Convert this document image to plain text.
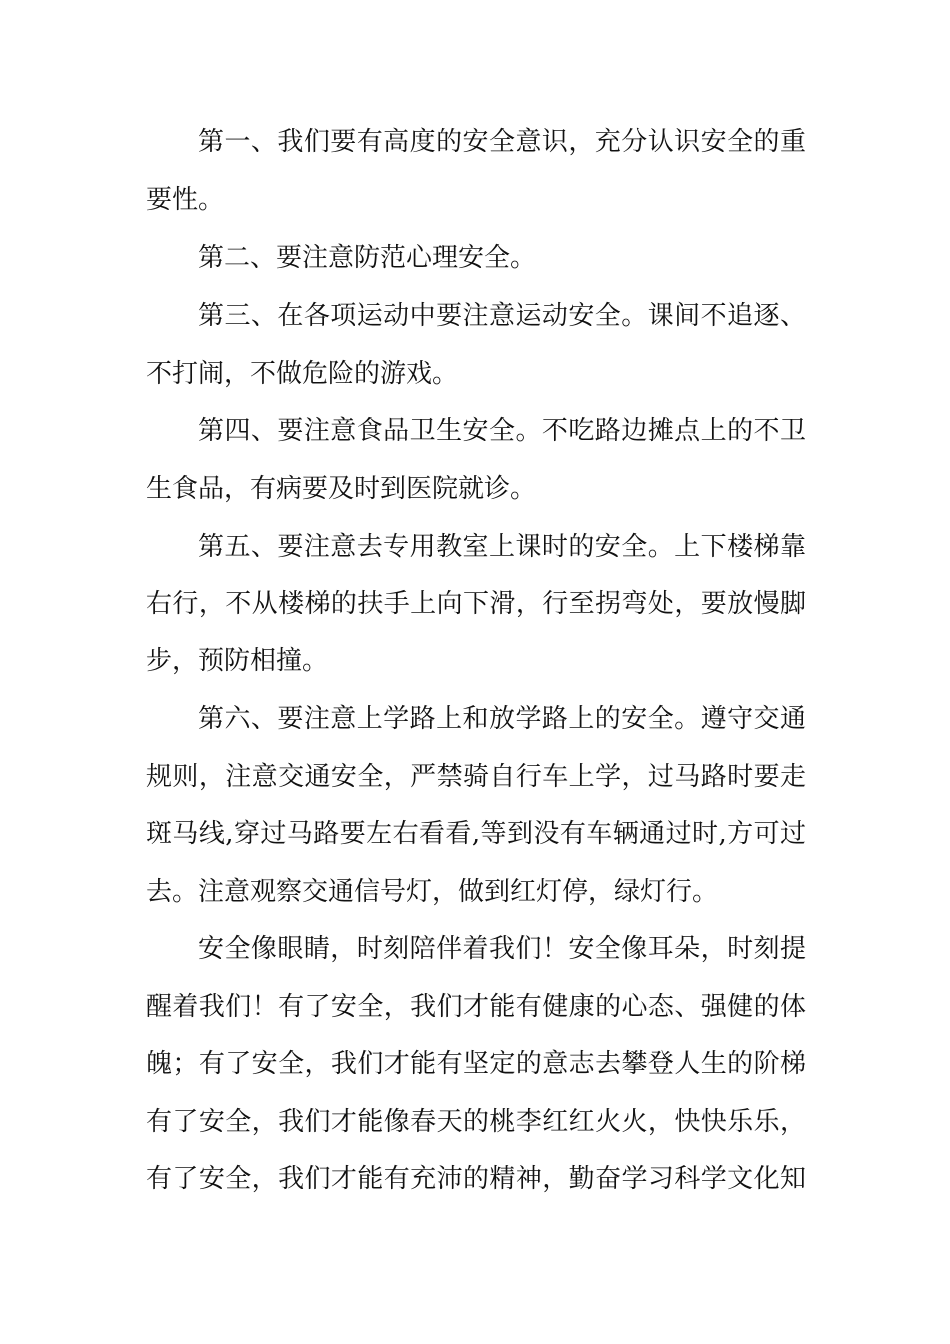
第一、我们要有高度的安全意识，充分认识安全的重
要性。
第二、要注意防范心理安全。
第三、在各项运动中要注意运动安全。课间不追逐、
不打闹，不做危险的游戏。
第四、要注意食品卫生安全。不吃路边摊点上的不卫
生食品，有病要及时到医院就诊。
第五、要注意去专用教室上课时的安全。上下楼梯靠
右行，不从楼梯的扶手上向下滑，行至拐弯处，要放慢脚
步，预防相撞。
第六、要注意上学路上和放学路上的安全。遵守交通
规则，注意交通安全，严禁骑自行车上学，过马路时要走
斑马线,穿过马路要左右看看,等到没有车辆通过时,方可过
去。注意观察交通信号灯，做到红灯停，绿灯行。
安全像眼睛，时刻陪伴着我们！安全像耳朵，时刻提
醒着我们！有了安全，我们才能有健康的心态、强健的体
魄；有了安全，我们才能有坚定的意志去攀登人生的阶梯
有了安全，我们才能像春天的桃李红红火火，快快乐乐，
有了安全，我们才能有充沛的精神，勤奋学习科学文化知
